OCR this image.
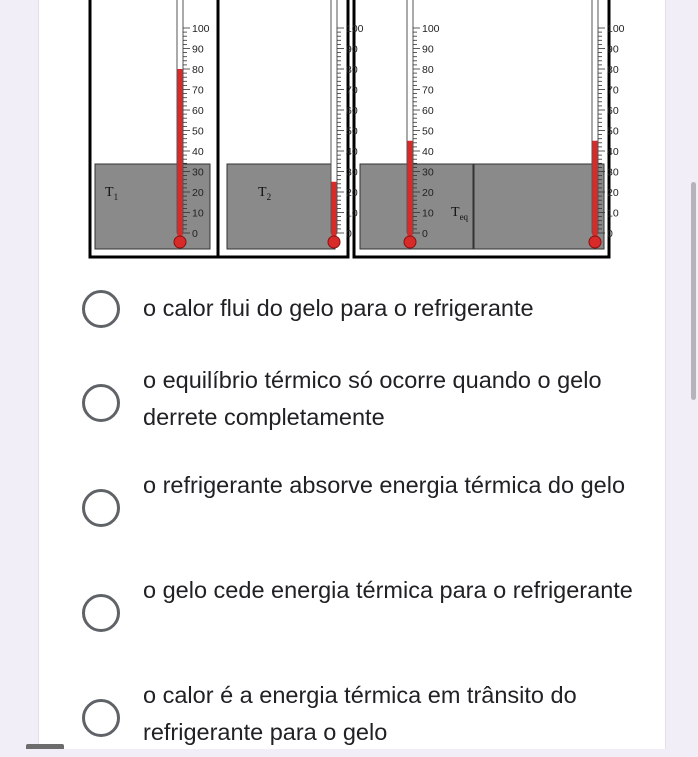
100
90
80
70
60
50
40
30
20
10
0
100
90
80
70
60
50
40
30
20
10
0
100
90
80
70
60
50
40
30
20
10
0
100
90
80
70
60
50
40
30
20
10
0
$T_1$	$T_2$
$T_{eq}$
o calor flui do gelo para o refrigerante
o equilíbrio térmico só ocorre quando o gelo derrete completamente
o refrigerante absorve energia térmica do gelo
o gelo cede energia térmica para o refrigerante
o calor é a energia térmica em trânsito do refrigerante para o gelo
